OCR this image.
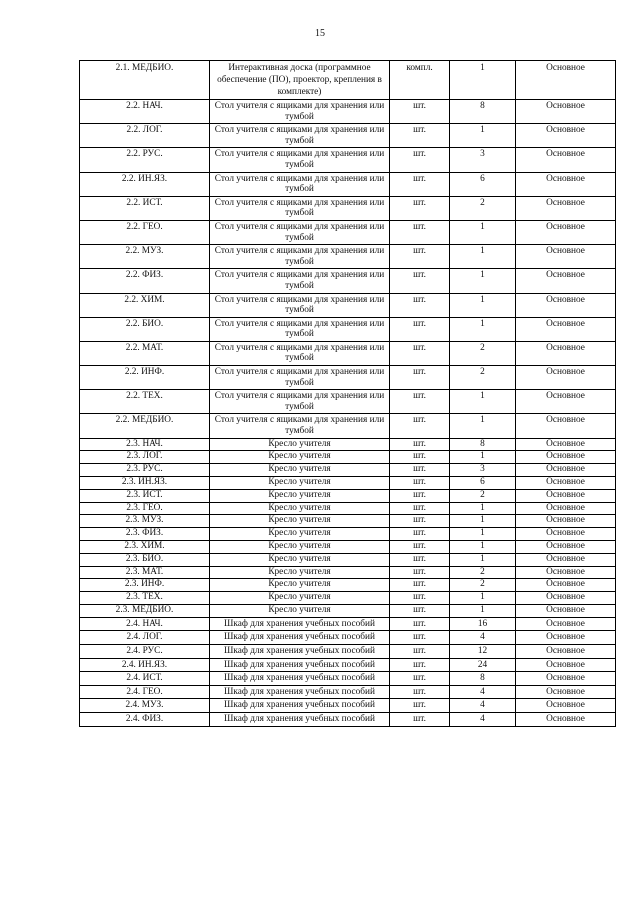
15
2.1. МЕДБИО.	Интерактивная доска (программное обеспечение (ПО), проектор, крепления в комплекте)	компл.	1	Основное
2.2. НАЧ.	Стол учителя с ящиками для хранения или тумбой	шт.	8	Основное
2.2. ЛОГ.	Стол учителя с ящиками для хранения или тумбой	шт.	1	Основное
2.2. РУС.	Стол учителя с ящиками для хранения или тумбой	шт.	3	Основное
2.2. ИН.ЯЗ.	Стол учителя с ящиками для хранения или тумбой	шт.	6	Основное
2.2. ИСТ.	Стол учителя с ящиками для хранения или тумбой	шт.	2	Основное
2.2. ГЕО.	Стол учителя с ящиками для хранения или тумбой	шт.	1	Основное
2.2. МУЗ.	Стол учителя с ящиками для хранения или тумбой	шт.	1	Основное
2.2. ФИЗ.	Стол учителя с ящиками для хранения или тумбой	шт.	1	Основное
2.2. ХИМ.	Стол учителя с ящиками для хранения или тумбой	шт.	1	Основное
2.2. БИО.	Стол учителя с ящиками для хранения или тумбой	шт.	1	Основное
2.2. МАТ.	Стол учителя с ящиками для хранения или тумбой	шт.	2	Основное
2.2. ИНФ.	Стол учителя с ящиками для хранения или тумбой	шт.	2	Основное
2.2. ТЕХ.	Стол учителя с ящиками для хранения или тумбой	шт.	1	Основное
2.2. МЕДБИО.	Стол учителя с ящиками для хранения или тумбой	шт.	1	Основное
2.3. НАЧ.	Кресло учителя	шт.	8	Основное
2.3. ЛОГ.	Кресло учителя	шт.	1	Основное
2.3. РУС.	Кресло учителя	шт.	3	Основное
2.3. ИН.ЯЗ.	Кресло учителя	шт.	6	Основное
2.3. ИСТ.	Кресло учителя	шт.	2	Основное
2.3. ГЕО.	Кресло учителя	шт.	1	Основное
2.3. МУЗ.	Кресло учителя	шт.	1	Основное
2.3. ФИЗ.	Кресло учителя	шт.	1	Основное
2.3. ХИМ.	Кресло учителя	шт.	1	Основное
2.3. БИО.	Кресло учителя	шт.	1	Основное
2.3. МАТ.	Кресло учителя	шт.	2	Основное
2.3. ИНФ.	Кресло учителя	шт.	2	Основное
2.3. ТЕХ.	Кресло учителя	шт.	1	Основное
2.3. МЕДБИО.	Кресло учителя	шт.	1	Основное
2.4. НАЧ.	Шкаф для хранения учебных пособий	шт.	16	Основное
2.4. ЛОГ.	Шкаф для хранения учебных пособий	шт.	4	Основное
2.4. РУС.	Шкаф для хранения учебных пособий	шт.	12	Основное
2.4. ИН.ЯЗ.	Шкаф для хранения учебных пособий	шт.	24	Основное
2.4. ИСТ.	Шкаф для хранения учебных пособий	шт.	8	Основное
2.4. ГЕО.	Шкаф для хранения учебных пособий	шт.	4	Основное
2.4. МУЗ.	Шкаф для хранения учебных пособий	шт.	4	Основное
2.4. ФИЗ.	Шкаф для хранения учебных пособий	шт.	4	Основное
